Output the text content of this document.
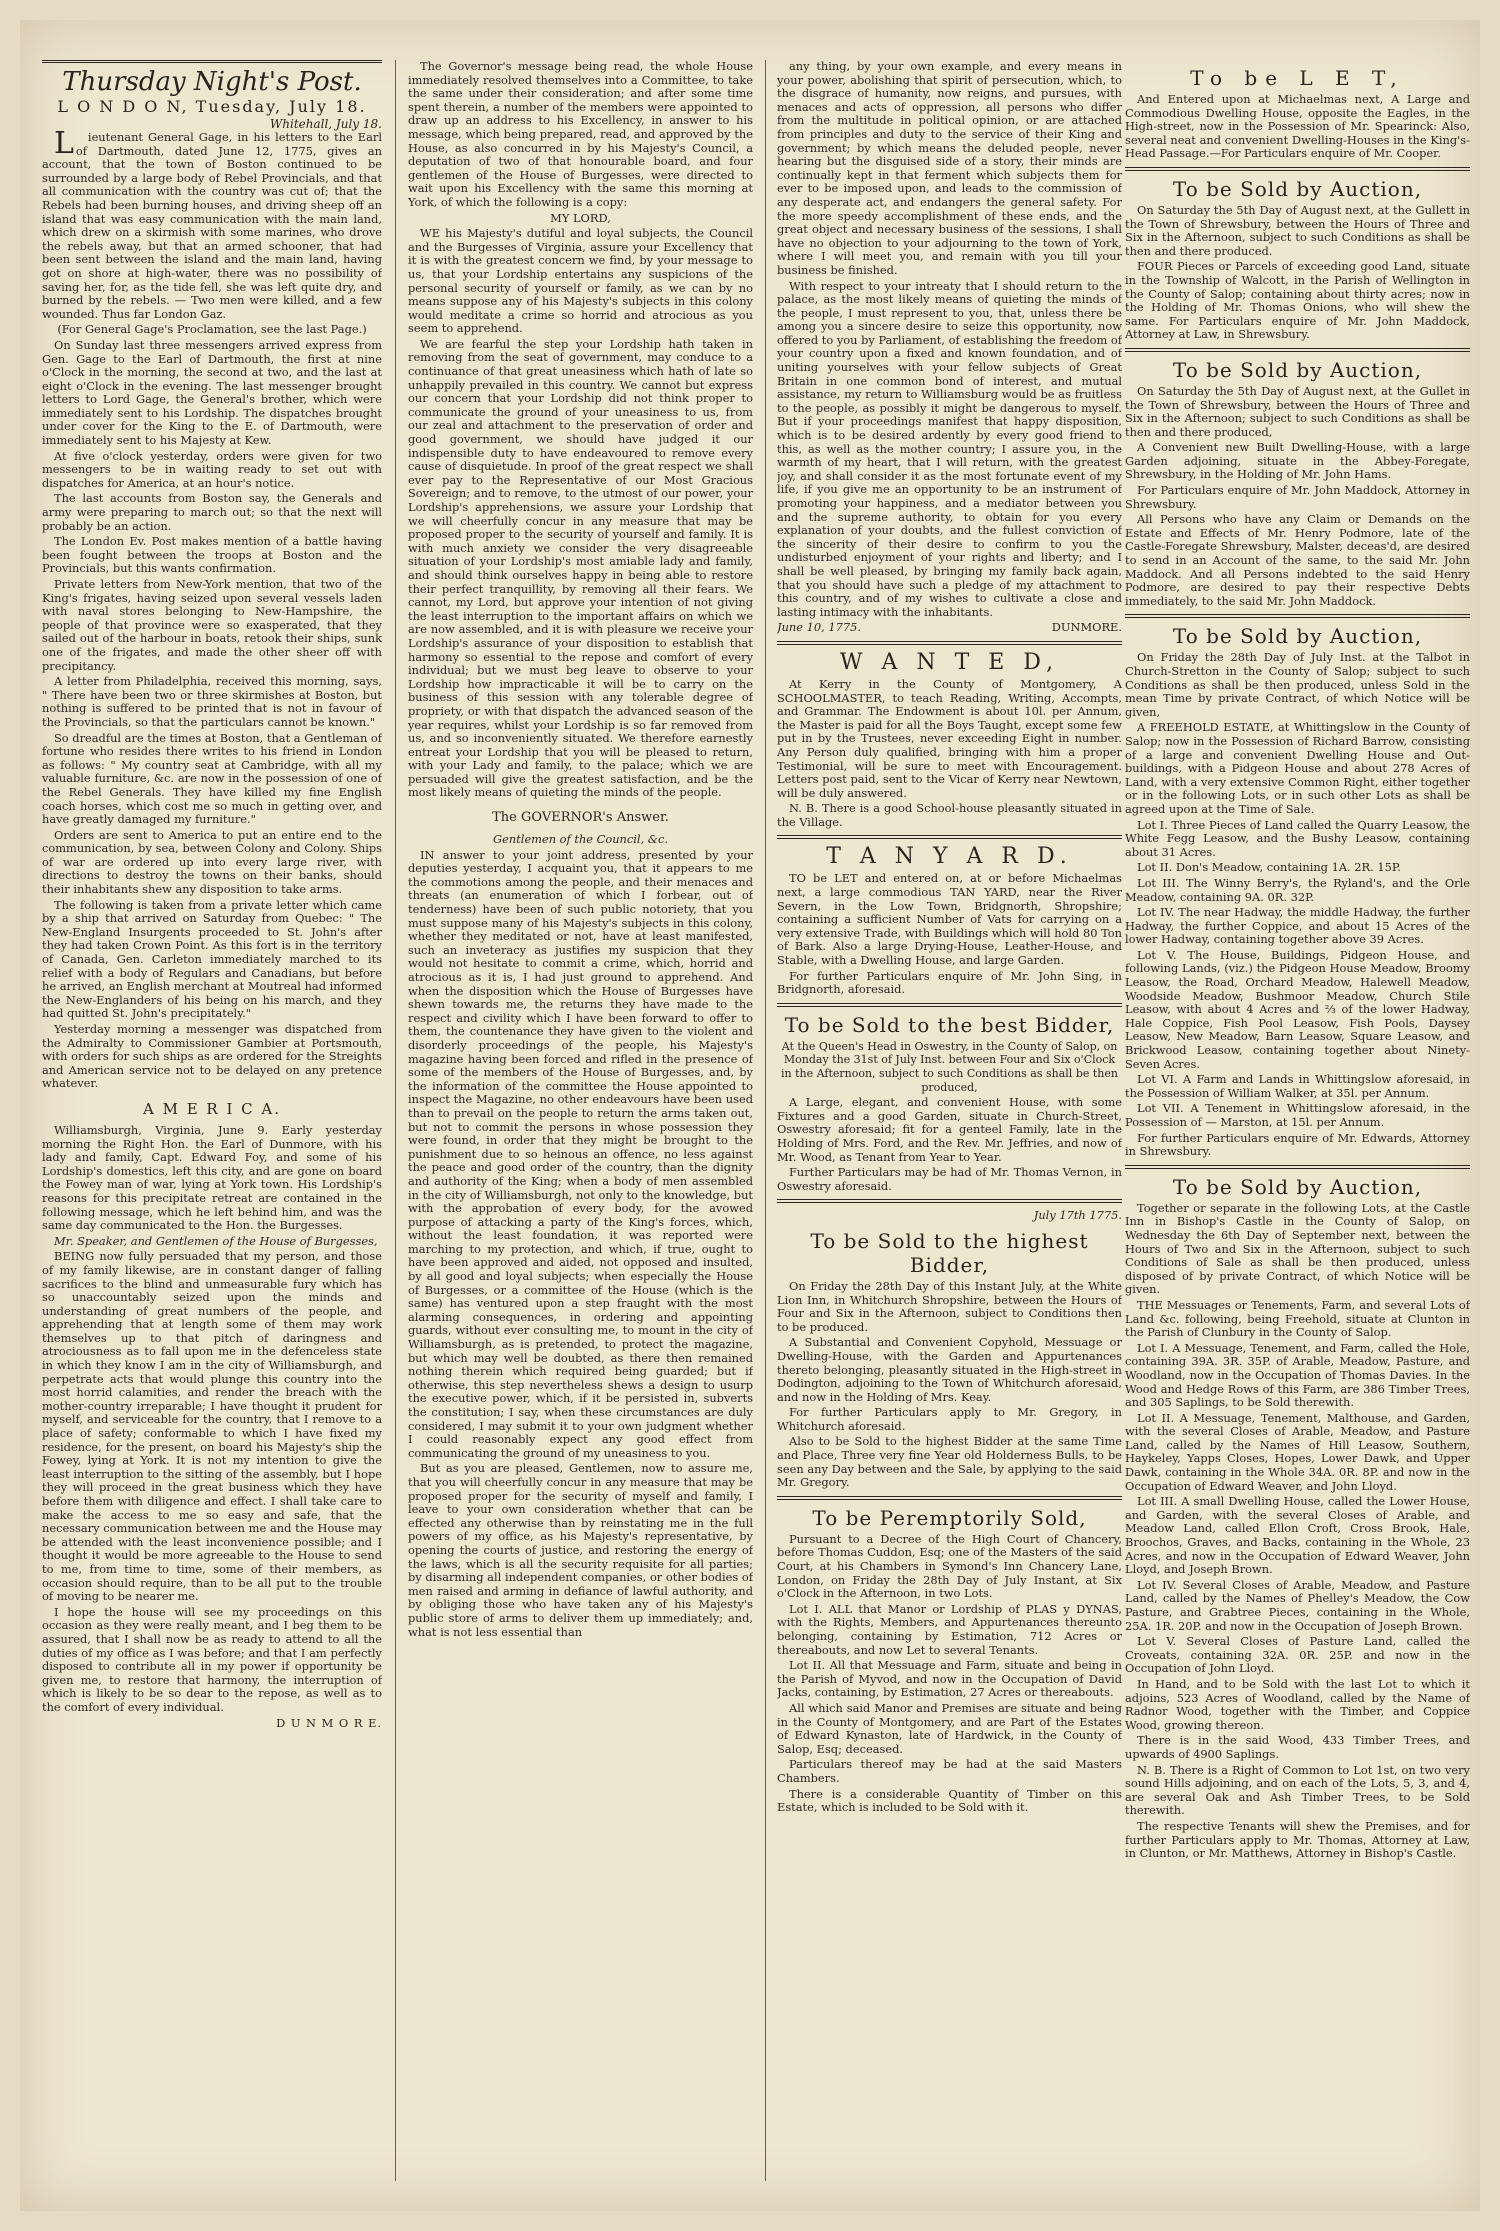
Thursday Night's Post.
L O N D O N, Tuesday, July 18.
Whitehall, July 18.

Lieutenant General Gage, in his letters to the Earl of Dartmouth, dated June 12, 1775, gives an account, that the town of Boston continued to be surrounded by a large body of Rebel Provincials, and that all communication with the country was cut of; that the Rebels had been burning houses, and driving sheep off an island that was easy communication with the main land, which drew on a skirmish with some marines, who drove the rebels away, but that an armed schooner, that had been sent between the island and the main land, having got on shore at high-water, there was no possibility of saving her, for, as the tide fell, she was left quite dry, and burned by the rebels. — Two men were killed, and a few wounded. Thus far London Gaz.

(For General Gage's Proclamation, see the last Page.)

On Sunday last three messengers arrived express from Gen. Gage to the Earl of Dartmouth, the first at nine o'Clock in the morning, the second at two, and the last at eight o'Clock in the evening. The last messenger brought letters to Lord Gage, the General's brother, which were immediately sent to his Lordship. The dispatches brought under cover for the King to the E. of Dartmouth, were immediately sent to his Majesty at Kew.

At five o'clock yesterday, orders were given for two messengers to be in waiting ready to set out with dispatches for America, at an hour's notice.

The last accounts from Boston say, the Generals and army were preparing to march out; so that the next will probably be an action.

The London Ev. Post makes mention of a battle having been fought between the troops at Boston and the Provincials, but this wants confirmation.

Private letters from New-York mention, that two of the King's frigates, having seized upon several vessels laden with naval stores belonging to New-Hampshire, the people of that province were so exasperated, that they sailed out of the harbour in boats, retook their ships, sunk one of the frigates, and made the other sheer off with precipitancy.

A letter from Philadelphia, received this morning, says, " There have been two or three skirmishes at Boston, but nothing is suffered to be printed that is not in favour of the Provincials, so that the particulars cannot be known."

So dreadful are the times at Boston, that a Gentleman of fortune who resides there writes to his friend in London as follows: " My country seat at Cambridge, with all my valuable furniture, &c. are now in the possession of one of the Rebel Generals. They have killed my fine English coach horses, which cost me so much in getting over, and have greatly damaged my furniture."

Orders are sent to America to put an entire end to the communication, by sea, between Colony and Colony. Ships of war are ordered up into every large river, with directions to destroy the towns on their banks, should their inhabitants shew any disposition to take arms.

The following is taken from a private letter which came by a ship that arrived on Saturday from Quebec: " The New-England Insurgents proceeded to St. John's after they had taken Crown Point. As this fort is in the territory of Canada, Gen. Carleton immediately marched to its relief with a body of Regulars and Canadians, but before he arrived, an English merchant at Moutreal had informed the New-Englanders of his being on his march, and they had quitted St. John's precipitately."

Yesterday morning a messenger was dispatched from the Admiralty to Commissioner Gambier at Portsmouth, with orders for such ships as are ordered for the Streights and American service not to be delayed on any pretence whatever.

A M E R I C A.

Williamsburgh, Virginia, June 9. Early yesterday morning the Right Hon. the Earl of Dunmore, with his lady and family, Capt. Edward Foy, and some of his Lordship's domestics, left this city, and are gone on board the Fowey man of war, lying at York town. His Lordship's reasons for this precipitate retreat are contained in the following message, which he left behind him, and was the same day communicated to the Hon. the Burgesses.

Mr. Speaker, and Gentlemen of the House of Burgesses,

BEING now fully persuaded that my person, and those of my family likewise, are in constant danger of falling sacrifices to the blind and unmeasurable fury which has so unaccountably seized upon the minds and understanding of great numbers of the people, and apprehending that at length some of them may work themselves up to that pitch of daringness and atrociousness as to fall upon me in the defenceless state in which they know I am in the city of Williamsburgh, and perpetrate acts that would plunge this country into the most horrid calamities, and render the breach with the mother-country irreparable; I have thought it prudent for myself, and serviceable for the country, that I remove to a place of safety; conformable to which I have fixed my residence, for the present, on board his Majesty's ship the Fowey, lying at York. It is not my intention to give the least interruption to the sitting of the assembly, but I hope they will proceed in the great business which they have before them with diligence and effect. I shall take care to make the access to me so easy and safe, that the necessary communication between me and the House may be attended with the least inconvenience possible; and I thought it would be more agreeable to the House to send to me, from time to time, some of their members, as occasion should require, than to be all put to the trouble of moving to be nearer me.

I hope the house will see my proceedings on this occasion as they were really meant, and I beg them to be assured, that I shall now be as ready to attend to all the duties of my office as I was before; and that I am perfectly disposed to contribute all in my power if opportunity be given me, to restore that harmony, the interruption of which is likely to be so dear to the repose, as well as to the comfort of every individual.

D U N M O R E.

The Governor's message being read, the whole House immediately resolved themselves into a Committee, to take the same under their consideration; and after some time spent therein, a number of the members were appointed to draw up an address to his Excellency, in answer to his message, which being prepared, read, and approved by the House, as also concurred in by his Majesty's Council, a deputation of two of that honourable board, and four gentlemen of the House of Burgesses, were directed to wait upon his Excellency with the same this morning at York, of which the following is a copy:

MY LORD,

WE his Majesty's dutiful and loyal subjects, the Council and the Burgesses of Virginia, assure your Excellency that it is with the greatest concern we find, by your message to us, that your Lordship entertains any suspicions of the personal security of yourself or family, as we can by no means suppose any of his Majesty's subjects in this colony would meditate a crime so horrid and atrocious as you seem to apprehend.

We are fearful the step your Lordship hath taken in removing from the seat of government, may conduce to a continuance of that great uneasiness which hath of late so unhappily prevailed in this country. We cannot but express our concern that your Lordship did not think proper to communicate the ground of your uneasiness to us, from our zeal and attachment to the preservation of order and good government, we should have judged it our indispensible duty to have endeavoured to remove every cause of disquietude. In proof of the great respect we shall ever pay to the Representative of our Most Gracious Sovereign; and to remove, to the utmost of our power, your Lordship's apprehensions, we assure your Lordship that we will cheerfully concur in any measure that may be proposed proper to the security of yourself and family. It is with much anxiety we consider the very disagreeable situation of your Lordship's most amiable lady and family, and should think ourselves happy in being able to restore their perfect tranquillity, by removing all their fears. We cannot, my Lord, but approve your intention of not giving the least interruption to the important affairs on which we are now assembled, and it is with pleasure we receive your Lordship's assurance of your disposition to establish that harmony so essential to the repose and comfort of every individual; but we must beg leave to observe to your Lordship how impracticable it will be to carry on the business of this session with any tolerable degree of propriety, or with that dispatch the advanced season of the year requires, whilst your Lordship is so far removed from us, and so inconveniently situated. We therefore earnestly entreat your Lordship that you will be pleased to return, with your Lady and family, to the palace; which we are persuaded will give the greatest satisfaction, and be the most likely means of quieting the minds of the people.

The GOVERNOR's Answer.

Gentlemen of the Council, &c.

IN answer to your joint address, presented by your deputies yesterday, I acquaint you, that it appears to me the commotions among the people, and their menaces and threats (an enumeration of which I forbear, out of tenderness) have been of such public notoriety, that you must suppose many of his Majesty's subjects in this colony, whether they meditated or not, have at least manifested, such an inveteracy as justifies my suspicion that they would not hesitate to commit a crime, which, horrid and atrocious as it is, I had just ground to apprehend. And when the disposition which the House of Burgesses have shewn towards me, the returns they have made to the respect and civility which I have been forward to offer to them, the countenance they have given to the violent and disorderly proceedings of the people, his Majesty's magazine having been forced and rifled in the presence of some of the members of the House of Burgesses, and, by the information of the committee the House appointed to inspect the Magazine, no other endeavours have been used than to prevail on the people to return the arms taken out, but not to commit the persons in whose possession they were found, in order that they might be brought to the punishment due to so heinous an offence, no less against the peace and good order of the country, than the dignity and authority of the King; when a body of men assembled in the city of Williamsburgh, not only to the knowledge, but with the approbation of every body, for the avowed purpose of attacking a party of the King's forces, which, without the least foundation, it was reported were marching to my protection, and which, if true, ought to have been approved and aided, not opposed and insulted, by all good and loyal subjects; when especially the House of Burgesses, or a committee of the House (which is the same) has ventured upon a step fraught with the most alarming consequences, in ordering and appointing guards, without ever consulting me, to mount in the city of Williamsburgh, as is pretended, to protect the magazine, but which may well be doubted, as there then remained nothing therein which required being guarded; but if otherwise, this step nevertheless shews a design to usurp the executive power, which, if it be persisted in, subverts the constitution; I say, when these circumstances are duly considered, I may submit it to your own judgment whether I could reasonably expect any good effect from communicating the ground of my uneasiness to you.

But as you are pleased, Gentlemen, now to assure me, that you will cheerfully concur in any measure that may be proposed proper for the security of myself and family, I leave to your own consideration whether that can be effected any otherwise than by reinstating me in the full powers of my office, as his Majesty's representative, by opening the courts of justice, and restoring the energy of the laws, which is all the security requisite for all parties; by disarming all independent companies, or other bodies of men raised and arming in defiance of lawful authority, and by obliging those who have taken any of his Majesty's public store of arms to deliver them up immediately; and, what is not less essential than

any thing, by your own example, and every means in your power, abolishing that spirit of persecution, which, to the disgrace of humanity, now reigns, and pursues, with menaces and acts of oppression, all persons who differ from the multitude in political opinion, or are attached from principles and duty to the service of their King and government; by which means the deluded people, never hearing but the disguised side of a story, their minds are continually kept in that ferment which subjects them for ever to be imposed upon, and leads to the commission of any desperate act, and endangers the general safety. For the more speedy accomplishment of these ends, and the great object and necessary business of the sessions, I shall have no objection to your adjourning to the town of York, where I will meet you, and remain with you till your business be finished.

With respect to your intreaty that I should return to the palace, as the most likely means of quieting the minds of the people, I must represent to you, that, unless there be among you a sincere desire to seize this opportunity, now offered to you by Parliament, of establishing the freedom of your country upon a fixed and known foundation, and of uniting yourselves with your fellow subjects of Great Britain in one common bond of interest, and mutual assistance, my return to Williamsburg would be as fruitless to the people, as possibly it might be dangerous to myself. But if your proceedings manifest that happy disposition, which is to be desired ardently by every good friend to this, as well as the mother country; I assure you, in the warmth of my heart, that I will return, with the greatest joy, and shall consider it as the most fortunate event of my life, if you give me an opportunity to be an instrument of promoting your happiness, and a mediator between you and the supreme authority, to obtain for you every explanation of your doubts, and the fullest conviction of the sincerity of their desire to confirm to you the undisturbed enjoyment of your rights and liberty; and I shall be well pleased, by bringing my family back again, that you should have such a pledge of my attachment to this country, and of my wishes to cultivate a close and lasting intimacy with the inhabitants.

June 10, 1775.	DUNMORE.

W A N T E D,

At Kerry in the County of Montgomery, A SCHOOLMASTER, to teach Reading, Writing, Accompts, and Grammar. The Endowment is about 10l. per Annum, the Master is paid for all the Boys Taught, except some few put in by the Trustees, never exceeding Eight in number. Any Person duly qualified, bringing with him a proper Testimonial, will be sure to meet with Encouragement. Letters post paid, sent to the Vicar of Kerry near Newtown, will be duly answered.

N. B. There is a good School-house pleasantly situated in the Village.

T A N Y A R D.

TO be LET and entered on, at or before Michaelmas next, a large commodious TAN YARD, near the River Severn, in the Low Town, Bridgnorth, Shropshire; containing a sufficient Number of Vats for carrying on a very extensive Trade, with Buildings which will hold 80 Ton of Bark. Also a large Drying-House, Leather-House, and Stable, with a Dwelling House, and large Garden.

For further Particulars enquire of Mr. John Sing, in Bridgnorth, aforesaid.

To be Sold to the best Bidder,

At the Queen's Head in Oswestry, in the County of Salop, on Monday the 31st of July Inst. between Four and Six o'Clock in the Afternoon, subject to such Conditions as shall be then produced,

A Large, elegant, and convenient House, with some Fixtures and a good Garden, situate in Church-Street, Oswestry aforesaid; fit for a genteel Family, late in the Holding of Mrs. Ford, and the Rev. Mr. Jeffries, and now of Mr. Wood, as Tenant from Year to Year.

Further Particulars may be had of Mr. Thomas Vernon, in Oswestry aforesaid.

July 17th 1775.

To be Sold to the highest Bidder,

On Friday the 28th Day of this Instant July, at the White Lion Inn, in Whitchurch Shropshire, between the Hours of Four and Six in the Afternoon, subject to Conditions then to be produced.

A Substantial and Convenient Copyhold, Messuage or Dwelling-House, with the Garden and Appurtenances thereto belonging, pleasantly situated in the High-street in Dodington, adjoining to the Town of Whitchurch aforesaid, and now in the Holding of Mrs. Keay.

For further Particulars apply to Mr. Gregory, in Whitchurch aforesaid.

Also to be Sold to the highest Bidder at the same Time and Place, Three very fine Year old Holderness Bulls, to be seen any Day between and the Sale, by applying to the said Mr. Gregory.

To be Peremptorily Sold,

Pursuant to a Decree of the High Court of Chancery, before Thomas Cuddon, Esq; one of the Masters of the said Court, at his Chambers in Symond's Inn Chancery Lane, London, on Friday the 28th Day of July Instant, at Six o'Clock in the Afternoon, in two Lots.

Lot I. ALL that Manor or Lordship of PLAS y DYNAS, with the Rights, Members, and Appurtenances thereunto belonging, containing by Estimation, 712 Acres or thereabouts, and now Let to several Tenants.

Lot II. All that Messuage and Farm, situate and being in the Parish of Myvod, and now in the Occupation of David Jacks, containing, by Estimation, 27 Acres or thereabouts.

All which said Manor and Premises are situate and being in the County of Montgomery, and are Part of the Estates of Edward Kynaston, late of Hardwick, in the County of Salop, Esq; deceased.

Particulars thereof may be had at the said Masters Chambers.

There is a considerable Quantity of Timber on this Estate, which is included to be Sold with it.

To be L E T,

And Entered upon at Michaelmas next, A Large and Commodious Dwelling House, opposite the Eagles, in the High-street, now in the Possession of Mr. Spearinck: Also, several neat and convenient Dwelling-Houses in the King's-Head Passage.—For Particulars enquire of Mr. Cooper.

To be Sold by Auction,

On Saturday the 5th Day of August next, at the Gullett in the Town of Shrewsbury, between the Hours of Three and Six in the Afternoon, subject to such Conditions as shall be then and there produced.

FOUR Pieces or Parcels of exceeding good Land, situate in the Township of Walcott, in the Parish of Wellington in the County of Salop; containing about thirty acres; now in the Holding of Mr. Thomas Onions, who will shew the same. For Particulars enquire of Mr. John Maddock, Attorney at Law, in Shrewsbury.

To be Sold by Auction,

On Saturday the 5th Day of August next, at the Gullet in the Town of Shrewsbury, between the Hours of Three and Six in the Afternoon; subject to such Conditions as shall be then and there produced,

A Convenient new Built Dwelling-House, with a large Garden adjoining, situate in the Abbey-Foregate, Shrewsbury, in the Holding of Mr. John Hams.

For Particulars enquire of Mr. John Maddock, Attorney in Shrewsbury.

All Persons who have any Claim or Demands on the Estate and Effects of Mr. Henry Podmore, late of the Castle-Foregate Shrewsbury, Malster, deceas'd, are desired to send in an Account of the same, to the said Mr. John Maddock. And all Persons indebted to the said Henry Podmore, are desired to pay their respective Debts immediately, to the said Mr. John Maddock.

To be Sold by Auction,

On Friday the 28th Day of July Inst. at the Talbot in Church-Stretton in the County of Salop; subject to such Conditions as shall be then produced, unless Sold in the mean Time by private Contract, of which Notice will be given,

A FREEHOLD ESTATE, at Whittingslow in the County of Salop; now in the Possession of Richard Barrow, consisting of a large and convenient Dwelling House and Out-buildings, with a Pidgeon House and about 278 Acres of Land, with a very extensive Common Right, either together or in the following Lots, or in such other Lots as shall be agreed upon at the Time of Sale.

Lot I. Three Pieces of Land called the Quarry Leasow, the White Fegg Leasow, and the Bushy Leasow, containing about 31 Acres.

Lot II. Don's Meadow, containing 1A. 2R. 15P.

Lot III. The Winny Berry's, the Ryland's, and the Orle Meadow, containing 9A. 0R. 32P.

Lot IV. The near Hadway, the middle Hadway, the further Hadway, the further Coppice, and about 15 Acres of the lower Hadway, containing together above 39 Acres.

Lot V. The House, Buildings, Pidgeon House, and following Lands, (viz.) the Pidgeon House Meadow, Broomy Leasow, the Road, Orchard Meadow, Halewell Meadow, Woodside Meadow, Bushmoor Meadow, Church Stile Leasow, with about 4 Acres and ⅔ of the lower Hadway, Hale Coppice, Fish Pool Leasow, Fish Pools, Daysey Leasow, New Meadow, Barn Leasow, Square Leasow, and Brickwood Leasow, containing together about Ninety-Seven Acres.

Lot VI. A Farm and Lands in Whittingslow aforesaid, in the Possession of William Walker, at 35l. per Annum.

Lot VII. A Tenement in Whittingslow aforesaid, in the Possession of — Marston, at 15l. per Annum.

For further Particulars enquire of Mr. Edwards, Attorney in Shrewsbury.

To be Sold by Auction,

Together or separate in the following Lots, at the Castle Inn in Bishop's Castle in the County of Salop, on Wednesday the 6th Day of September next, between the Hours of Two and Six in the Afternoon, subject to such Conditions of Sale as shall be then produced, unless disposed of by private Contract, of which Notice will be given.

THE Messuages or Tenements, Farm, and several Lots of Land &c. following, being Freehold, situate at Clunton in the Parish of Clunbury in the County of Salop.

Lot I. A Messuage, Tenement, and Farm, called the Hole, containing 39A. 3R. 35P. of Arable, Meadow, Pasture, and Woodland, now in the Occupation of Thomas Davies. In the Wood and Hedge Rows of this Farm, are 386 Timber Trees, and 305 Saplings, to be Sold therewith.

Lot II. A Messuage, Tenement, Malthouse, and Garden, with the several Closes of Arable, Meadow, and Pasture Land, called by the Names of Hill Leasow, Southern, Haykeley, Yapps Closes, Hopes, Lower Dawk, and Upper Dawk, containing in the Whole 34A. 0R. 8P. and now in the Occupation of Edward Weaver, and John Lloyd.

Lot III. A small Dwelling House, called the Lower House, and Garden, with the several Closes of Arable, and Meadow Land, called Ellon Croft, Cross Brook, Hale, Broochos, Graves, and Backs, containing in the Whole, 23 Acres, and now in the Occupation of Edward Weaver, John Lloyd, and Joseph Brown.

Lot IV. Several Closes of Arable, Meadow, and Pasture Land, called by the Names of Phelley's Meadow, the Cow Pasture, and Grabtree Pieces, containing in the Whole, 25A. 1R. 20P. and now in the Occupation of Joseph Brown.

Lot V. Several Closes of Pasture Land, called the Croveats, containing 32A. 0R. 25P. and now in the Occupation of John Lloyd.

In Hand, and to be Sold with the last Lot to which it adjoins, 523 Acres of Woodland, called by the Name of Radnor Wood, together with the Timber, and Coppice Wood, growing thereon.

There is in the said Wood, 433 Timber Trees, and upwards of 4900 Saplings.

N. B. There is a Right of Common to Lot 1st, on two very sound Hills adjoining, and on each of the Lots, 5, 3, and 4, are several Oak and Ash Timber Trees, to be Sold therewith.

The respective Tenants will shew the Premises, and for further Particulars apply to Mr. Thomas, Attorney at Law, in Clunton, or Mr. Matthews, Attorney in Bishop's Castle.
